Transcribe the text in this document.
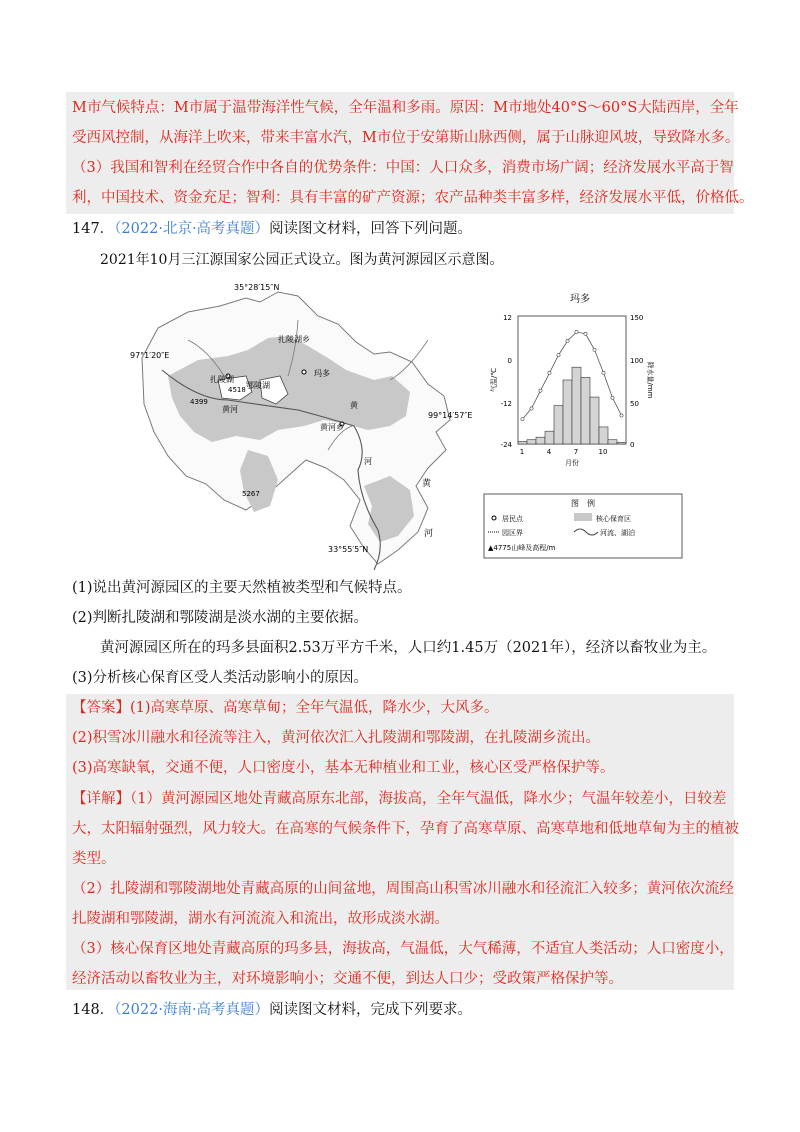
M市气候特点：M市属于温带海洋性气候，全年温和多雨。原因：M市地处40°S～60°S大陆西岸，全年
受西风控制，从海洋上吹来，带来丰富水汽，M市位于安第斯山脉西侧，属于山脉迎风坡，导致降水多。
（3）我国和智利在经贸合作中各自的优势条件：中国：人口众多，消费市场广阔；经济发展水平高于智
利，中国技术、资金充足；智利：具有丰富的矿产资源；农产品种类丰富多样，经济发展水平低，价格低。
147．（2022·北京·高考真题）阅读图文材料，回答下列问题。
2021年10月三江源国家公园正式设立。图为黄河源园区示意图。
35°28′15″N
97°1′20″E
99°14′57″E
33°55′5″N
扎陵湖乡
扎陵湖
鄂陵湖
玛多
黄河乡
黄河	黄
河
黄
河
4518
4399
5267
玛多
12
0
-12
-24
150
100
50
0
气温/℃	降水量/mm
1	4	7	10
月份
图　例
居民点	核心保育区
园区界	河流、湖泊
▲4775山峰及高程/m
(1)说出黄河源园区的主要天然植被类型和气候特点。
(2)判断扎陵湖和鄂陵湖是淡水湖的主要依据。
黄河源园区所在的玛多县面积2.53万平方千米，人口约1.45万（2021年），经济以畜牧业为主。
(3)分析核心保育区受人类活动影响小的原因。
【答案】(1)高寒草原、高寒草甸；全年气温低，降水少，大风多。
(2)积雪冰川融水和径流等注入，黄河依次汇入扎陵湖和鄂陵湖，在扎陵湖乡流出。
(3)高寒缺氧，交通不便，人口密度小，基本无种植业和工业，核心区受严格保护等。
【详解】（1）黄河源园区地处青藏高原东北部，海拔高，全年气温低，降水少；气温年较差小，日较差
大，太阳辐射强烈，风力较大。在高寒的气候条件下，孕育了高寒草原、高寒草地和低地草甸为主的植被
类型。
（2）扎陵湖和鄂陵湖地处青藏高原的山间盆地，周围高山积雪冰川融水和径流汇入较多；黄河依次流经
扎陵湖和鄂陵湖，湖水有河流流入和流出，故形成淡水湖。
（3）核心保育区地处青藏高原的玛多县，海拔高，气温低，大气稀薄，不适宜人类活动；人口密度小，
经济活动以畜牧业为主，对环境影响小；交通不便，到达人口少；受政策严格保护等。
148．（2022·海南·高考真题）阅读图文材料，完成下列要求。
